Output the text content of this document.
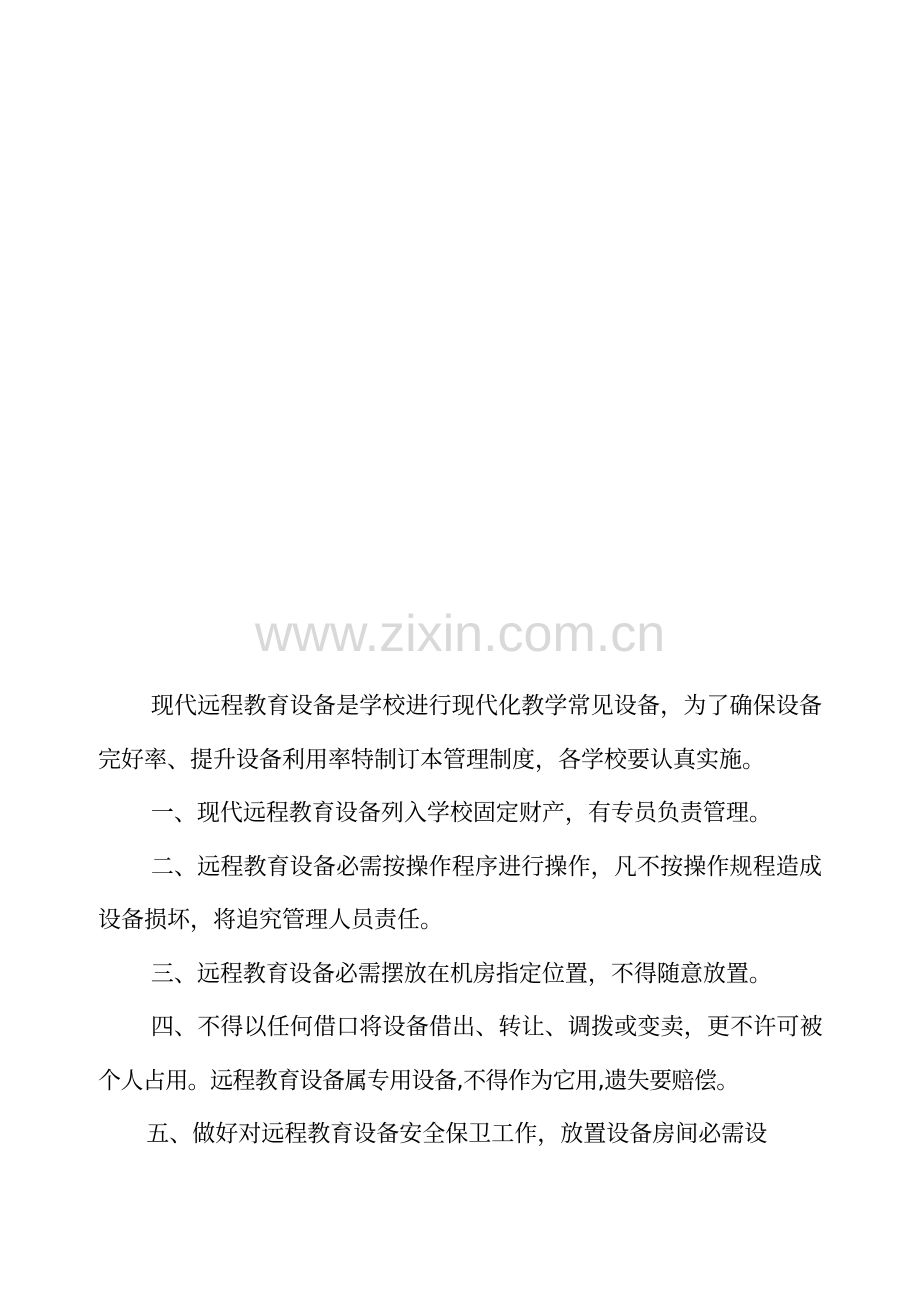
www.zixin.com.cn

现代远程教育设备是学校进行现代化教学常见设备，为了确保设备完好率、提升设备利用率特制订本管理制度，各学校要认真实施。

一、现代远程教育设备列入学校固定财产，有专员负责管理。

二、远程教育设备必需按操作程序进行操作，凡不按操作规程造成设备损坏，将追究管理人员责任。

三、远程教育设备必需摆放在机房指定位置，不得随意放置。

四、不得以任何借口将设备借出、转让、调拨或变卖，更不许可被个人占用。远程教育设备属专用设备,不得作为它用,遗失要赔偿。

五、做好对远程教育设备安全保卫工作，放置设备房间必需设
